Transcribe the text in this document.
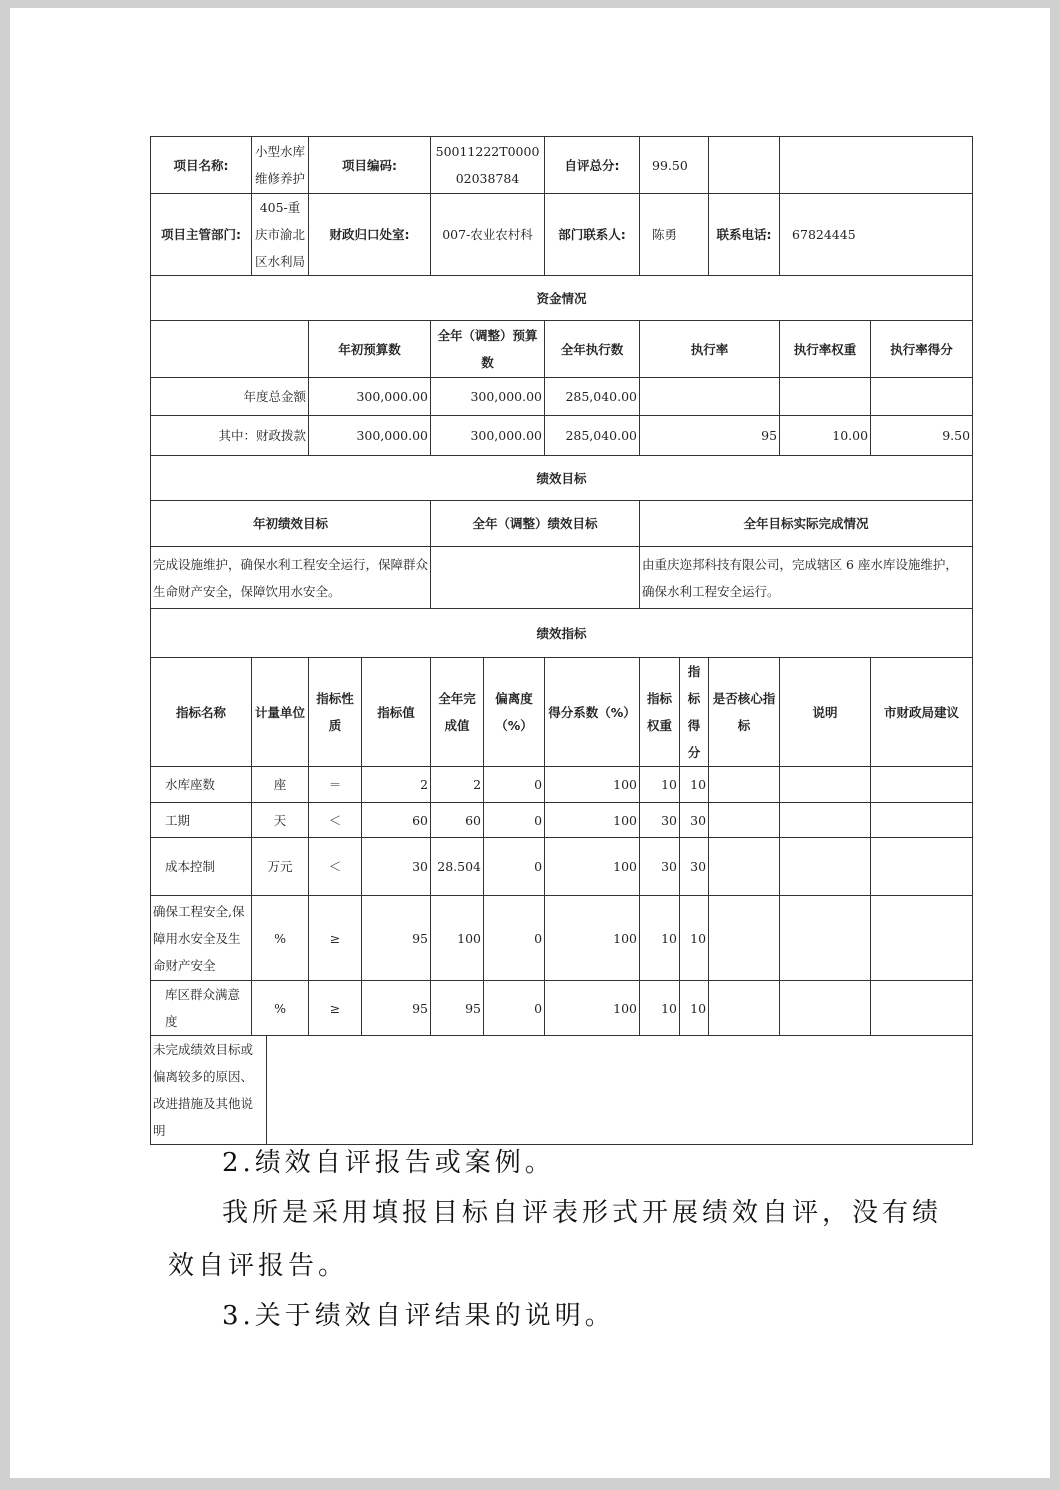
项目名称:	小型水库维修养护		项目编码:		50011222T000002038784		自评总分:	99.50				
项目主管部门:	405-重庆市渝北区水利局		财政归口处室:		007-农业农村科		部门联系人:	陈勇		联系电话:	67824445	
资金情况												
			年初预算数		全年（调整）预算数		全年执行数	执行率			执行率权重	执行率得分
年度总金额			300,000.00		300,000.00		285,040.00					
其中：财政拨款			300,000.00		300,000.00		285,040.00	95			10.00	9.50
绩效目标												
年初绩效目标					全年（调整）绩效目标			全年目标实际完成情况				
完成设施维护，确保水利工程安全运行，保障群众生命财产安全，保障饮用水安全。								由重庆迩邦科技有限公司，完成辖区 6 座水库设施维护，确保水利工程安全运行。				
绩效指标												
指标名称	计量单位		指标性质	指标值	全年完成值	偏离度（%）	得分系数（%）	指标权重	指标得分	是否核心指标	说明	市财政局建议
水库座数	座		＝	2	2	0	100	10	10			
工期	天		＜	60	60	0	100	30	30			
成本控制	万元		＜	30	28.504	0	100	30	30			
确保工程安全,保障用水安全及生命财产安全	%		≥	95	100	0	100	10	10			
库区群众满意度	%		≥	95	95	0	100	10	10			
未完成绩效目标或偏离较多的原因、改进措施及其他说明												
2.绩效自评报告或案例。
我所是采用填报目标自评表形式开展绩效自评，没有绩
效自评报告。
3.关于绩效自评结果的说明。
